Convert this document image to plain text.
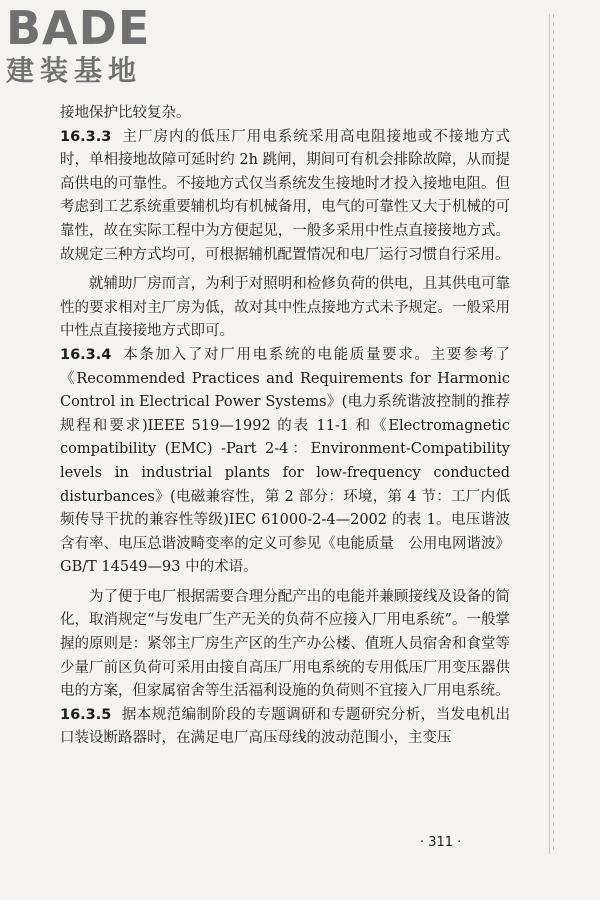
BADE
建装基地

接地保护比较复杂。

16.3.3 主厂房内的低压厂用电系统采用高电阻接地或不接地方式时，单相接地故障可延时约 2h 跳闸，期间可有机会排除故障，从而提高供电的可靠性。不接地方式仅当系统发生接地时才投入接地电阻。但考虑到工艺系统重要辅机均有机械备用，电气的可靠性又大于机械的可靠性，故在实际工程中为方便起见，一般多采用中性点直接接地方式。故规定三种方式均可，可根据辅机配置情况和电厂运行习惯自行采用。

就辅助厂房而言，为利于对照明和检修负荷的供电，且其供电可靠性的要求相对主厂房为低，故对其中性点接地方式未予规定。一般采用中性点直接接地方式即可。

16.3.4 本条加入了对厂用电系统的电能质量要求。主要参考了《Recommended Practices and Requirements for Harmonic Control in Electrical Power Systems》(电力系统谐波控制的推荐规程和要求)IEEE 519—1992 的表 11-1 和《Electromagnetic compatibility (EMC) -Part 2-4：Environment-Compatibility levels in industrial plants for low-frequency conducted disturbances》(电磁兼容性，第 2 部分：环境，第 4 节：工厂内低频传导干扰的兼容性等级)IEC 61000-2-4—2002 的表 1。电压谐波含有率、电压总谐波畸变率的定义可参见《电能质量　公用电网谐波》GB/T 14549—93 中的术语。

为了便于电厂根据需要合理分配产出的电能并兼顾接线及设备的简化，取消规定“与发电厂生产无关的负荷不应接入厂用电系统”。一般掌握的原则是：紧邻主厂房生产区的生产办公楼、值班人员宿舍和食堂等少量厂前区负荷可采用由接自高压厂用电系统的专用低压厂用变压器供电的方案，但家属宿舍等生活福利设施的负荷则不宜接入厂用电系统。

16.3.5 据本规范编制阶段的专题调研和专题研究分析，当发电机出口装设断路器时，在满足电厂高压母线的波动范围小，主变压

· 311 ·
